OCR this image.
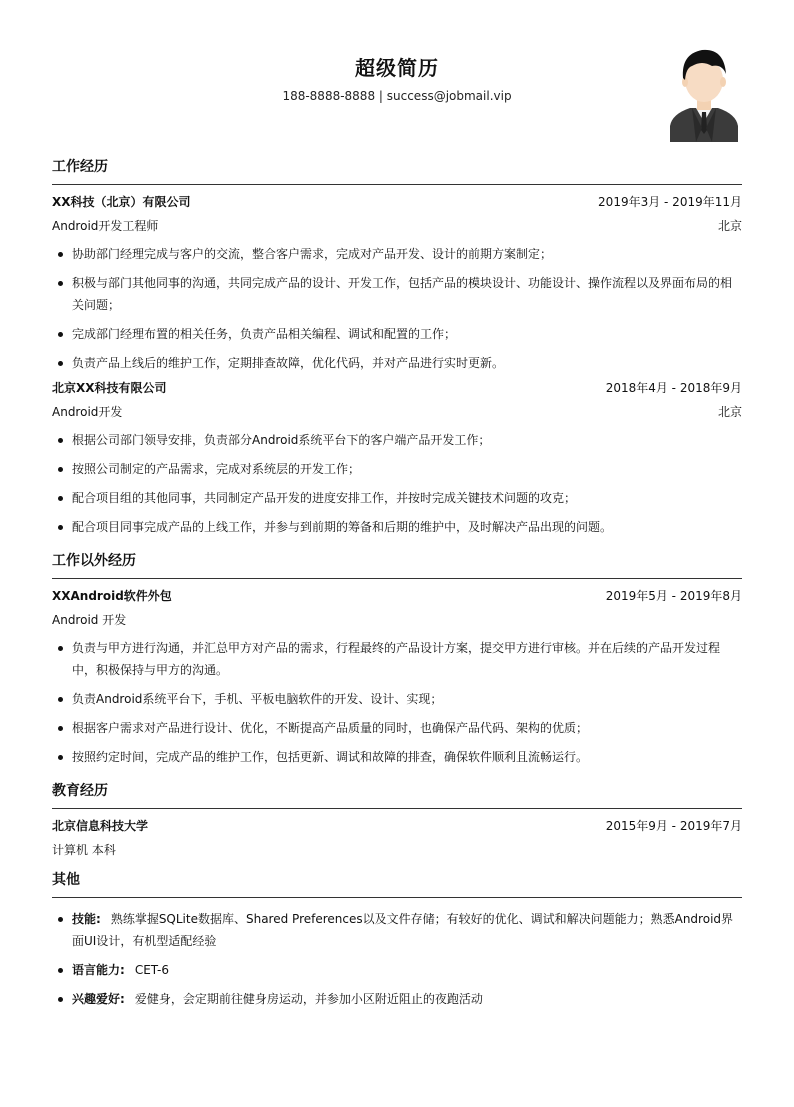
超级简历
188-8888-8888 | success@jobmail.vip
工作经历
XX科技（北京）有限公司	2019年3月 - 2019年11月
Android开发工程师	北京
协助部门经理完成与客户的交流，整合客户需求，完成对产品开发、设计的前期方案制定；
积极与部门其他同事的沟通，共同完成产品的设计、开发工作，包括产品的模块设计、功能设计、操作流程以及界面布局的相关问题；
完成部门经理布置的相关任务，负责产品相关编程、调试和配置的工作；
负责产品上线后的维护工作，定期排查故障，优化代码，并对产品进行实时更新。
北京XX科技有限公司	2018年4月 - 2018年9月
Android开发	北京
根据公司部门领导安排，负责部分Android系统平台下的客户端产品开发工作；
按照公司制定的产品需求，完成对系统层的开发工作；
配合项目组的其他同事，共同制定产品开发的进度安排工作，并按时完成关键技术问题的攻克；
配合项目同事完成产品的上线工作，并参与到前期的筹备和后期的维护中，及时解决产品出现的问题。
工作以外经历
XXAndroid软件外包	2019年5月 - 2019年8月
Android 开发
负责与甲方进行沟通，并汇总甲方对产品的需求，行程最终的产品设计方案，提交甲方进行审核。并在后续的产品开发过程中，积极保持与甲方的沟通。
负责Android系统平台下，手机、平板电脑软件的开发、设计、实现；
根据客户需求对产品进行设计、优化，不断提高产品质量的同时，也确保产品代码、架构的优质；
按照约定时间，完成产品的维护工作，包括更新、调试和故障的排查，确保软件顺利且流畅运行。
教育经历
北京信息科技大学	2015年9月 - 2019年7月
计算机 本科
其他
技能: 熟练掌握SQLite数据库、Shared Preferences以及文件存储；有较好的优化、调试和解决问题能力；熟悉Android界面UI设计，有机型适配经验
语言能力: CET-6
兴趣爱好: 爱健身，会定期前往健身房运动，并参加小区附近阻止的夜跑活动
